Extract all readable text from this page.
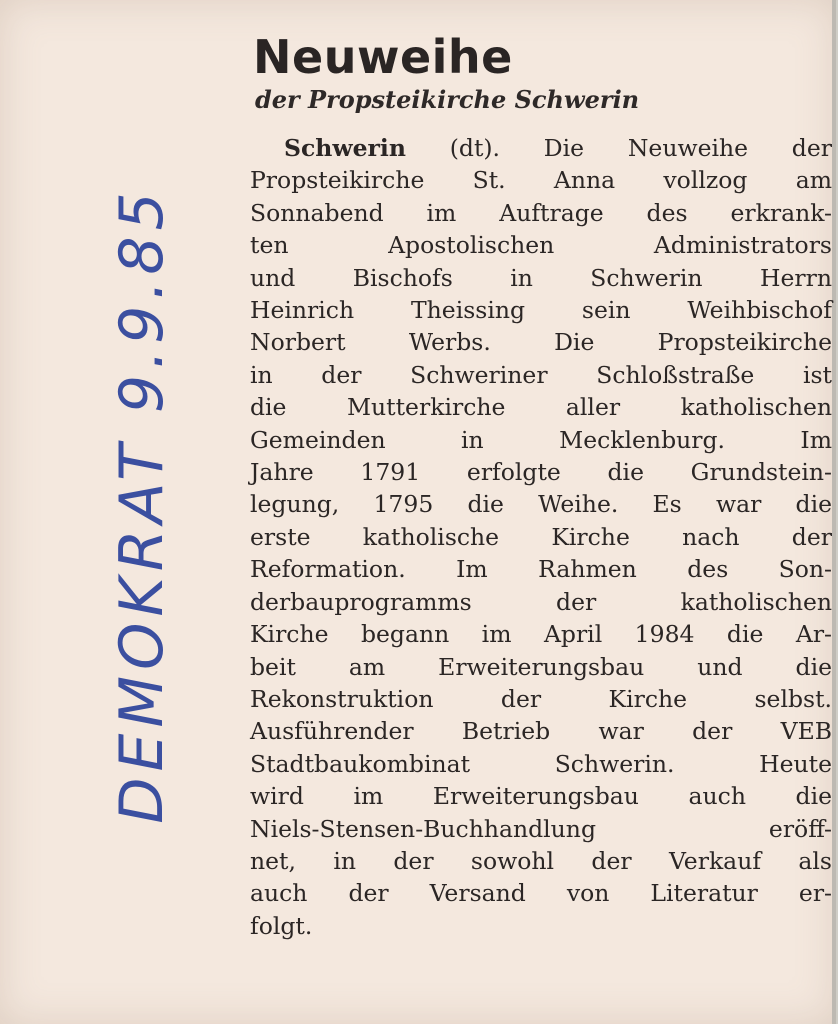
DEMOKRAT 9.9.85
Neuweihe
der Propsteikirche Schwerin
Schwerin (dt). Die Neuweihe der
Propsteikirche St. Anna vollzog am
Sonnabend im Auftrage des erkrank-
ten Apostolischen Administrators
und Bischofs in Schwerin Herrn
Heinrich Theissing sein Weihbischof
Norbert Werbs. Die Propsteikirche
in der Schweriner Schloßstraße ist
die Mutterkirche aller katholischen
Gemeinden in Mecklenburg. Im
Jahre 1791 erfolgte die Grundstein-
legung, 1795 die Weihe. Es war die
erste katholische Kirche nach der
Reformation. Im Rahmen des Son-
derbauprogramms der katholischen
Kirche begann im April 1984 die Ar-
beit am Erweiterungsbau und die
Rekonstruktion der Kirche selbst.
Ausführender Betrieb war der VEB
Stadtbaukombinat Schwerin. Heute
wird im Erweiterungsbau auch die
Niels-Stensen-Buchhandlung eröff-
net, in der sowohl der Verkauf als
auch der Versand von Literatur er-
folgt.
